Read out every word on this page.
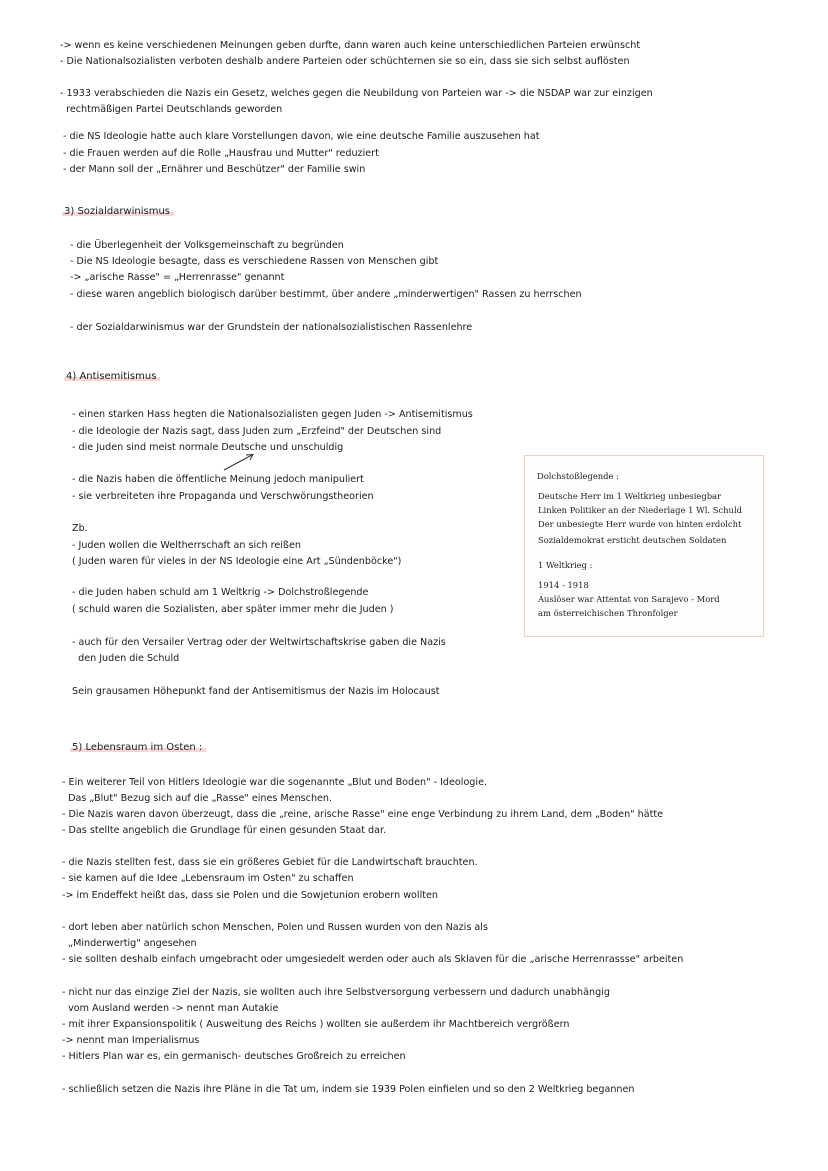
-> wenn es keine verschiedenen Meinungen geben durfte, dann waren auch keine unterschiedlichen Parteien erwünscht
- Die Nationalsozialisten verboten deshalb andere Parteien oder schüchternen sie so ein, dass sie sich selbst auflösten
- 1933 verabschieden die Nazis ein Gesetz, welches gegen die Neubildung von Parteien war -> die NSDAP war zur einzigen
rechtmäßigen Partei Deutschlands geworden
- die NS Ideologie hatte auch klare Vorstellungen davon, wie eine deutsche Familie auszusehen hat
- die Frauen werden auf die Rolle „Hausfrau und Mutter" reduziert
- der Mann soll der „Ernährer und Beschützer" der Familie swin
3) Sozialdarwinismus
- die Überlegenheit der Volksgemeinschaft zu begründen
- Die NS Ideologie besagte, dass es verschiedene Rassen von Menschen gibt
-> „arische Rasse" = „Herrenrasse" genannt
- diese waren angeblich biologisch darüber bestimmt, über andere „minderwertigen" Rassen zu herrschen
- der Sozialdarwinismus war der Grundstein der nationalsozialistischen Rassenlehre
4) Antisemitismus
- einen starken Hass hegten die Nationalsozialisten gegen Juden -> Antisemitismus
- die Ideologie der Nazis sagt, dass Juden zum „Erzfeind" der Deutschen sind
- die Juden sind meist normale Deutsche und unschuldig
- die Nazis haben die öffentliche Meinung jedoch manipuliert
- sie verbreiteten ihre Propaganda und Verschwörungstheorien
Zb.
- Juden wollen die Weltherrschaft an sich reißen
( Juden waren für vieles in der NS Ideologie eine Art „Sündenböcke")
- die Juden haben schuld am 1 Weltkrig -> Dolchstroßlegende
( schuld waren die Sozialisten, aber später immer mehr die Juden )
- auch für den Versailer Vertrag oder der Weltwirtschaftskrise gaben die Nazis
den Juden die Schuld
Sein grausamen Höhepunkt fand der Antisemitismus der Nazis im Holocaust
Dolchstoßlegende :
Deutsche Herr im 1 Weltkrieg unbesiegbar
Linken Politiker an der Niederlage 1 Wl. Schuld
Der unbesiegte Herr wurde von hinten erdolcht
Sozialdemokrat ersticht deutschen Soldaten
1 Weltkrieg :
1914 - 1918
Auslöser war Attentat von Sarajevo - Mord
am österreichischen Thronfolger
5) Lebensraum im Osten :
- Ein weiterer Teil von Hitlers Ideologie war die sogenannte „Blut und Boden" - Ideologie.
Das „Blut" Bezug sich auf die „Rasse" eines Menschen.
- Die Nazis waren davon überzeugt, dass die „reine, arische Rasse" eine enge Verbindung zu ihrem Land, dem „Boden" hätte
- Das stellte angeblich die Grundlage für einen gesunden Staat dar.
- die Nazis stellten fest, dass sie ein größeres Gebiet für die Landwirtschaft brauchten.
- sie kamen auf die Idee „Lebensraum im Osten" zu schaffen
-> im Endeffekt heißt das, dass sie Polen und die Sowjetunion erobern wollten
- dort leben aber natürlich schon Menschen, Polen und Russen wurden von den Nazis als
„Minderwertig" angesehen
- sie sollten deshalb einfach umgebracht oder umgesiedelt werden oder auch als Sklaven für die „arische Herrenrassse" arbeiten
- nicht nur das einzige Ziel der Nazis, sie wollten auch ihre Selbstversorgung verbessern und dadurch unabhängig
vom Ausland werden -> nennt man Autakie
- mit ihrer Expansionspolitik ( Ausweitung des Reichs ) wollten sie außerdem ihr Machtbereich vergrößern
-> nennt man Imperialismus
- Hitlers Plan war es, ein germanisch- deutsches Großreich zu erreichen
- schließlich setzen die Nazis ihre Pläne in die Tat um, indem sie 1939 Polen einfielen und so den 2 Weltkrieg begannen
